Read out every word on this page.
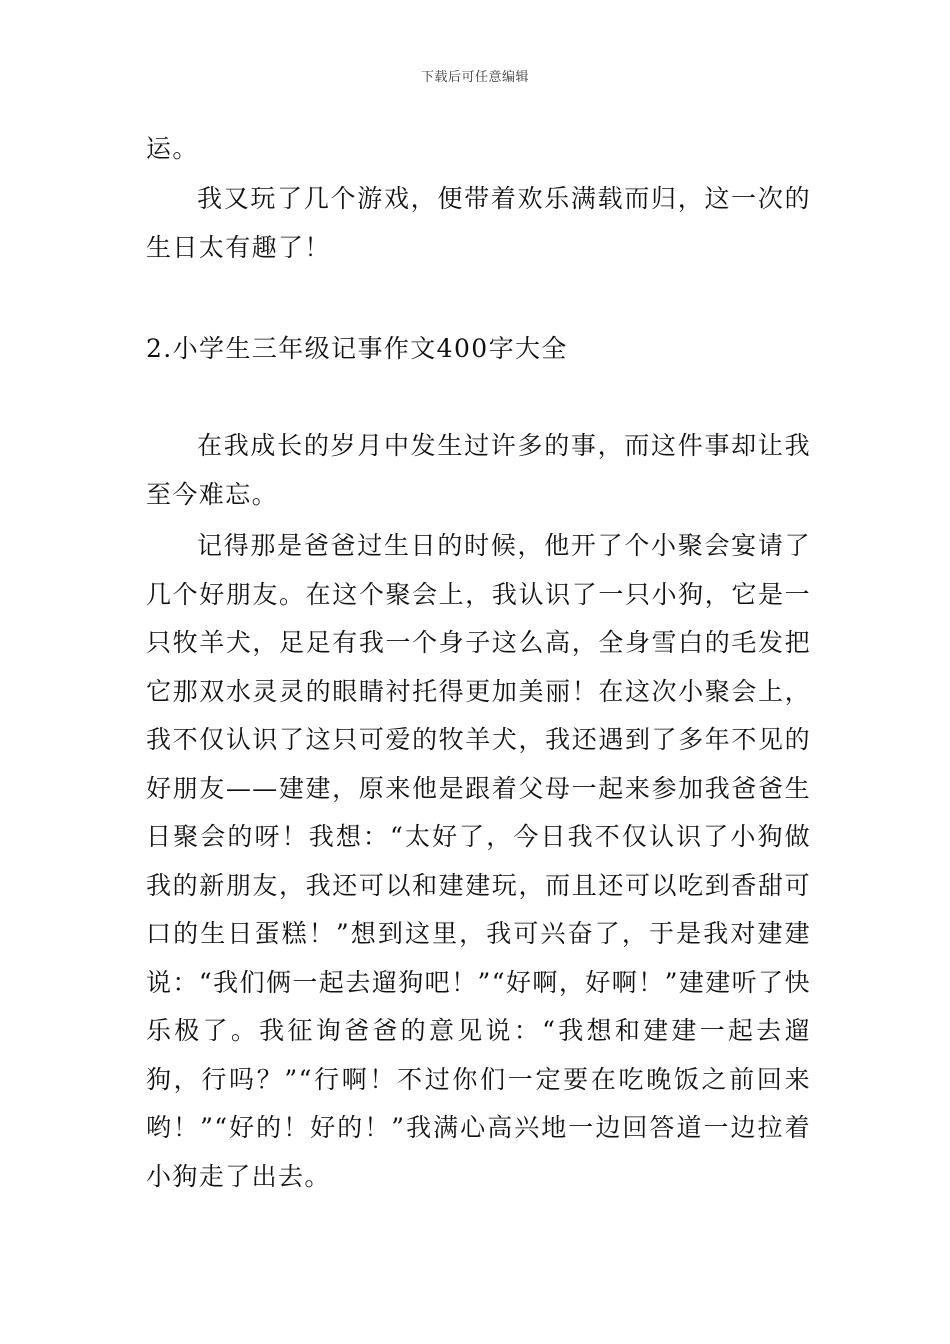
下载后可任意编辑

运。

我又玩了几个游戏，便带着欢乐满载而归，这一次的生日太有趣了！

2.小学生三年级记事作文400字大全

在我成长的岁月中发生过许多的事，而这件事却让我至今难忘。

记得那是爸爸过生日的时候，他开了个小聚会宴请了几个好朋友。在这个聚会上，我认识了一只小狗，它是一只牧羊犬，足足有我一个身子这么高，全身雪白的毛发把它那双水灵灵的眼睛衬托得更加美丽！在这次小聚会上，我不仅认识了这只可爱的牧羊犬，我还遇到了多年不见的好朋友——建建，原来他是跟着父母一起来参加我爸爸生日聚会的呀！我想：“太好了，今日我不仅认识了小狗做我的新朋友，我还可以和建建玩，而且还可以吃到香甜可口的生日蛋糕！”想到这里，我可兴奋了，于是我对建建说：“我们俩一起去遛狗吧！”“好啊，好啊！”建建听了快乐极了。我征询爸爸的意见说：“我想和建建一起去遛狗，行吗？”“行啊！不过你们一定要在吃晚饭之前回来哟！”“好的！好的！”我满心高兴地一边回答道一边拉着小狗走了出去。
